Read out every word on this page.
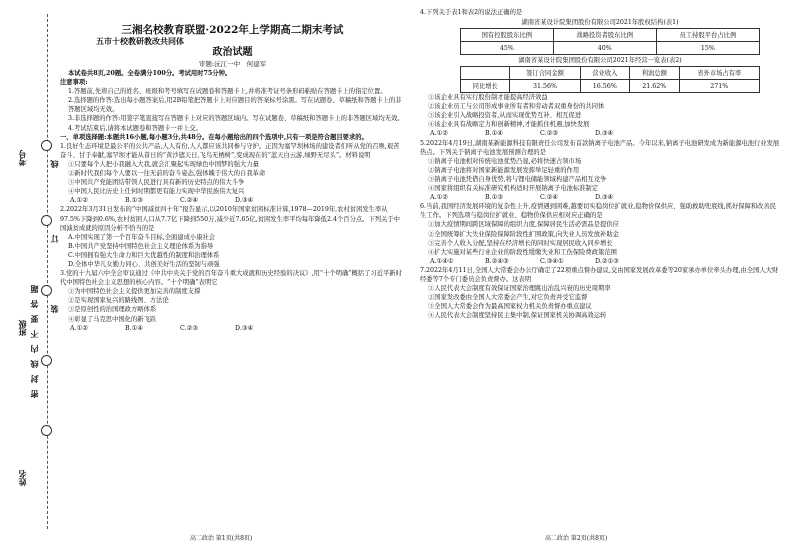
考号
班级
姓名
线
订
装
题
答
要
不
内
线
封
密
三湘名校教育联盟·2022年上学期高二期末考试
五市十校教研教改共同体
政治试题
审题:沅江一中　何建军

本试卷共8页,20题。全卷满分100分。考试用时75分钟。

注意事项:

1.答题前,先将自己的姓名、班级和考号填写在试题卷和答题卡上,并将准考证号条形码粘贴在答题卡上的指定位置。

2.选择题的作答:选出每小题答案后,用2B铅笔把答题卡上对应题目的答案标号涂黑。写在试题卷、草稿纸和答题卡上的非答题区域均无效。

3.非选择题的作答:用签字笔直接写在答题卡上对应的答题区域内。写在试题卷、草稿纸和答题卡上的非答题区域均无效。

4.考试结束后,请将本试题卷和答题卡一并上交。

一、单项选择题:本题共16小题,每小题3分,共48分。在每小题给出的四个选项中,只有一项是符合题目要求的。

1.良好生态环境是最公平的公共产品,人人有份,人人都应该共同参与守护。正因为塞罕坝林场的建设者们听从党的召唤,艰苦奋斗、甘于奉献,塞罕坝才能从昔日的“黄沙遮天日,飞鸟无栖树”,变成现在的“蓝天白云游,绿野无尽头”。材料说明

①只要每个人把小我融入大我,就会汇聚起实现绿色中国梦的强大力量

②新时代我们每个人要以一往无前的奋斗姿态,强体魄于伟大的自我革命

③中国共产党能团结带领人民进行具有新的历史特点的伟大斗争

④中国人民比历史上任何时期都更有能力实现中华民族伟大复兴

A.①②	B.①③	C.②④	D.③④

2.2022年3月31日发布的“中国减贫四十年”报告显示,以2010年国家贫困标准计算,1978—2019年,农村贫困发生率从97.5%下降到0.6%,农村贫困人口从7.7亿下降到550万,减少近7.65亿,贫困发生率平均每年降低2.4个百分点。下列关于中国減贫成就的原因分析不恰当的是

A.中国实现了第一个百年奋斗目标,全面建成小康社会

B.中国共产党坚持中国特色社会主义理论体系为指导

C.中国拥有强大生命力和巨大优越性的制度和治理体系

D.全体中华儿女勤力同心、共创美好生活的坚韧与顽强

3.党的十九届六中全会审议通过《中共中央关于党的百年奋斗重大成就和历史经验的决议》,用“十个明确”概括了习近平新时代中国特色社会主义思想的核心内容。“十个明确”表明它

①为中国特色社会主义提供更加完善的制度支撑

②是实现国家复兴的路线图、方法论

③是原创性的治国理政方略体系

④彰显了马克思中国化的新飞跃

A.①②	B.①④	C.②③	D.③④

4.下列关于表1和表2的说法正确的是

湖南省某设计院集团股份有限公司2021年股权结构(表1)
国有控股股东比例	战略投资者股东比例	员工持股平台占比例
45%	40%	15%
湖南省某设计院集团股份有限公司2021年经营一览表(表2)
	签订合同金额	营业收入	利润总额	省外市场占有率
同比增长	31.56%	16.56%	21.62%	271%

①该企业具有实行股份制才能提高经济效益

②该企业员工与公司形成事业所有者和劳动者双重身份的共同体

③该企业引入战略投资者,从而实现优势互补、相互促进

④该企业具有战略定力和创新精神,才能抓住机遇,加快发展

A.①②	B.①④	C.②③	D.③④

5.2022年4月19日,湖南某新能源科技有限责任公司发布首款钠离子电池产品。今年以来,钠离子电池研发成为新能源电池行业发展热点。下列关于钠离子电池发展预测合理的是

①钠离子电池相对传统电池优势凸显,必将快速占领市场

②钠离子电池将对国家新能源发展发挥举足轻重的作用

③钠离子电池凭借自身优势,将与锂电储能领域构建产品相互竞争

④国家将组织有关标准研究机构适时开展钠离子电池标准制定

A.①②	B.①③	C.②④	D.③④

6.当前,我国经济发展环境的复杂性上升,疫情遇到困难,越要切实稳岗位扩就业,稳物价保供应、强助救助兜底线,抓好保障和改善民生工作。下列选项与稳岗位扩就业、稳物价保供应相对应正确的是

①加大疫情期间跨区域保障的组织力度,保障居民生活必需品是提供应

②全国统筹扩大失业保险保障阶段性扩围政策,向失业人员发放补助金

③完善个人收入分配,坚持在经济增长的同时实现居民收入同步增长

④扩大实施对某些行业企业的阶段性缓缴失业和工伤保险费政策范围

A.①④①	B.②④③	C.③④①	D.②①③

7.2022年4月11日,全国人大常委会办公厅确定了22项重点督办建议,交由国家发展改革委等20家承办单位牵头办理,由全国人大财经委等7个专门委员会负责督办。这表明

①人民代表大会制度有效保证国家治理跳出治乱兴衰的历史周期率

②国家发改委由全国人大常委会产生,对它负责并受它监督

③全国人大常委会作为最高国家权力机关负责督办重点建议

④人民代表大会制度坚持民主集中制,保证国家机关协调高效运转

高二政治 第1页(共8页)	高二政治 第2页(共8页)
